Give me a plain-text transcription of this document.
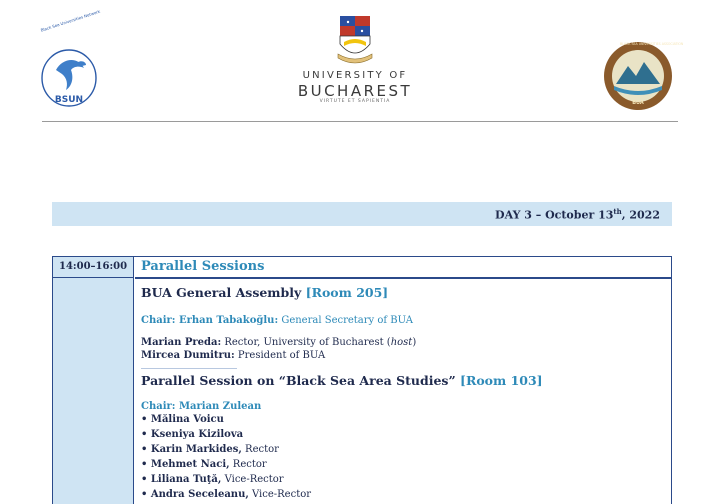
BSUN
Black Sea Universities Network
UNIVERSITY OF
BUCHAREST
VIRTUTE ET SAPIENTIA	BUA
BLACK SEA UNIVERSITIES ASSOCIATION
DAY 3 – October 13th, 2022
14:00–16:00 Parallel Sessions
BUA General Assembly [Room 205]
Chair: Erhan Tabakoğlu: General Secretary of BUA
Marian Preda: Rector, University of Bucharest (host)
Mircea Dumitru: President of BUA
Parallel Session on “Black Sea Area Studies” [Room 103]
Chair: Marian Zulean
• Mălina Voicu
• Kseniya Kizilova
• Karin Markides, Rector
• Mehmet Naci, Rector
• Liliana Tuţă, Vice-Rector
• Andra Seceleanu, Vice-Rector
